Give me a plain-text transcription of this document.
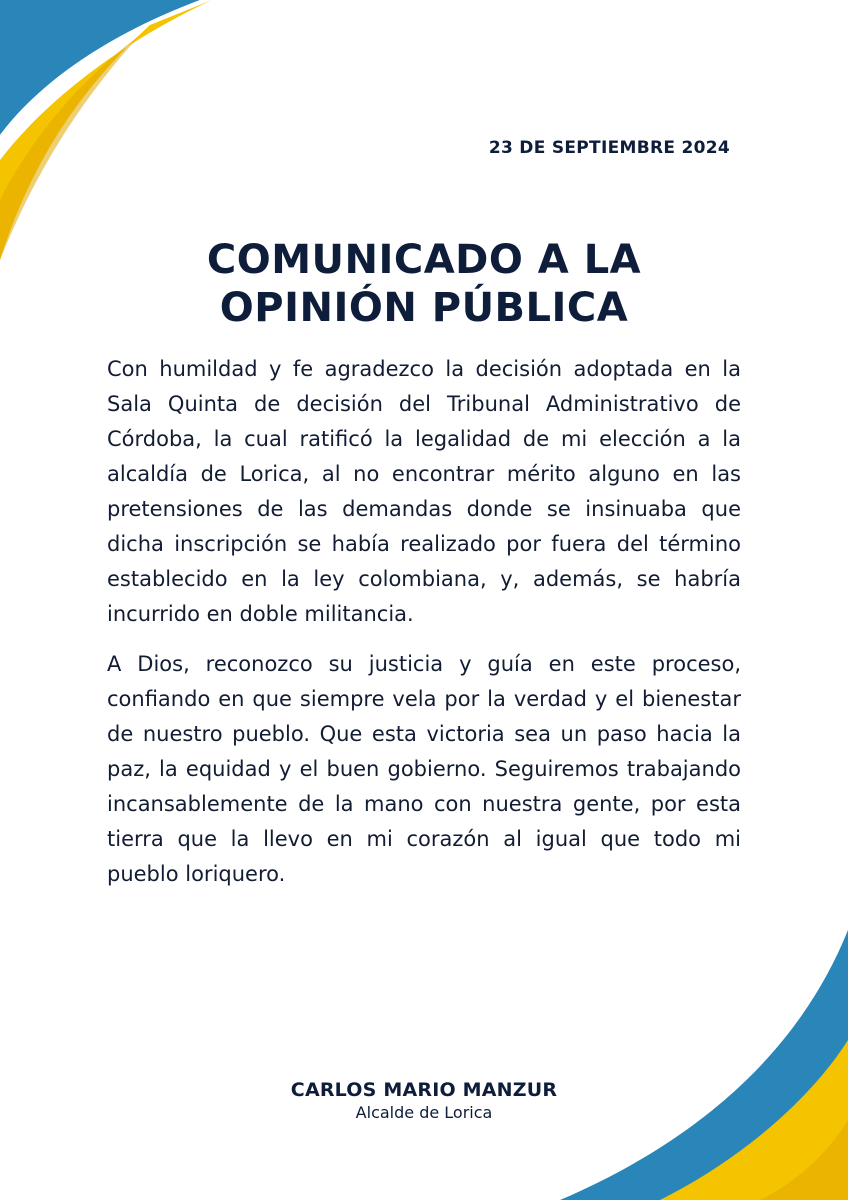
23 DE SEPTIEMBRE 2024
COMUNICADO A LA
OPINIÓN PÚBLICA

Con humildad y fe agradezco la decisión adoptada en la Sala Quinta de decisión del Tribunal Administrativo de Córdoba, la cual ratificó la legalidad de mi elección a la alcaldía de Lorica, al no encontrar mérito alguno en las pretensiones de las demandas donde se insinuaba que dicha inscripción se había realizado por fuera del término establecido en la ley colombiana, y, además, se habría incurrido en doble militancia.

A Dios, reconozco su justicia y guía en este proceso, confiando en que siempre vela por la verdad y el bienestar de nuestro pueblo. Que esta victoria sea un paso hacia la paz, la equidad y el buen gobierno. Seguiremos trabajando incansablemente de la mano con nuestra gente, por esta tierra que la llevo en mi corazón al igual que todo mi pueblo loriquero.

CARLOS MARIO MANZUR
Alcalde de Lorica
